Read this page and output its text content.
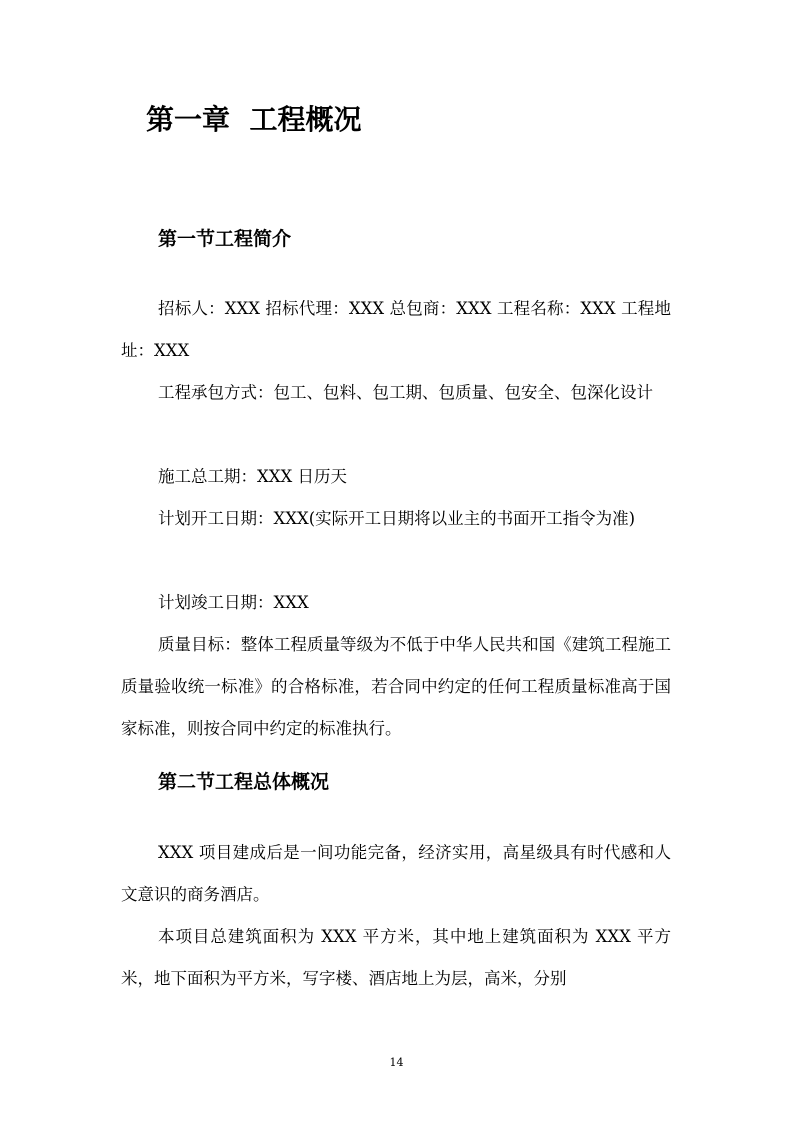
第一章  工程概况
第一节工程简介

招标人：XXX 招标代理：XXX 总包商：XXX 工程名称：XXX 工程地址：XXX

工程承包方式：包工、包料、包工期、包质量、包安全、包深化设计

施工总工期：XXX 日历天

计划开工日期：XXX(实际开工日期将以业主的书面开工指令为准)

计划竣工日期：XXX

质量目标：整体工程质量等级为不低于中华人民共和国《建筑工程施工质量验收统一标准》的合格标准，若合同中约定的任何工程质量标准高于国家标准，则按合同中约定的标准执行。

第二节工程总体概况

XXX 项目建成后是一间功能完备，经济实用，高星级具有时代感和人文意识的商务酒店。

本项目总建筑面积为 XXX 平方米，其中地上建筑面积为 XXX 平方米，地下面积为平方米，写字楼、酒店地上为层，高米，分别

14
